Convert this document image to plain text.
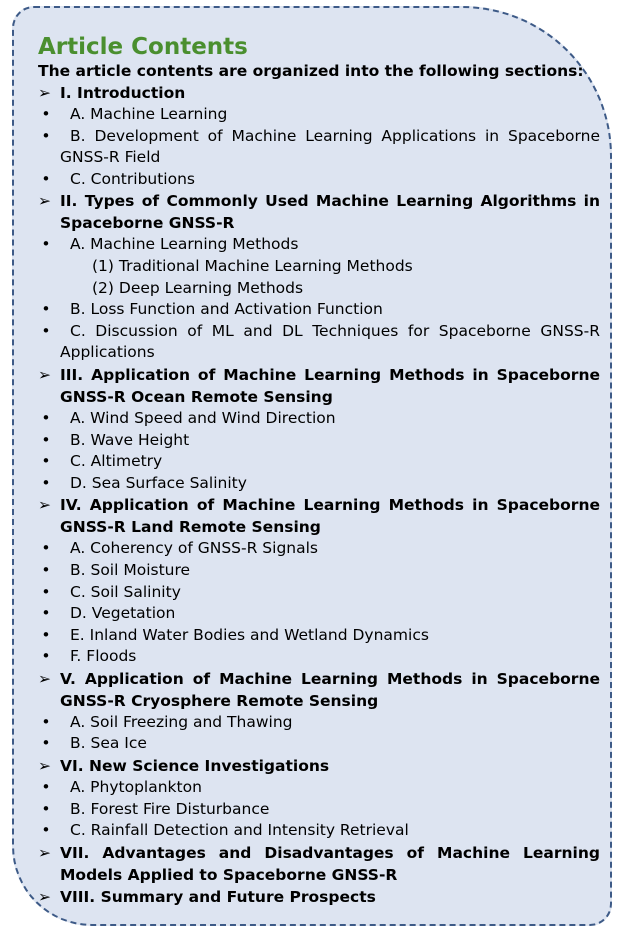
Article Contents

The article contents are organized into the following sections:

➢ I. Introduction
• A. Machine Learning
• B. Development of Machine Learning Applications in Spaceborne GNSS-R Field
• C. Contributions
➢ II. Types of Commonly Used Machine Learning Algorithms in Spaceborne GNSS-R
• A. Machine Learning Methods
(1) Traditional Machine Learning Methods
(2) Deep Learning Methods
• B. Loss Function and Activation Function
• C. Discussion of ML and DL Techniques for Spaceborne GNSS-R Applications
➢ III. Application of Machine Learning Methods in Spaceborne GNSS-R Ocean Remote Sensing
• A. Wind Speed and Wind Direction
• B. Wave Height
• C. Altimetry
• D. Sea Surface Salinity
➢ IV. Application of Machine Learning Methods in Spaceborne GNSS-R Land Remote Sensing
• A. Coherency of GNSS-R Signals
• B. Soil Moisture
• C. Soil Salinity
• D. Vegetation
• E. Inland Water Bodies and Wetland Dynamics
• F. Floods
➢ V. Application of Machine Learning Methods in Spaceborne GNSS-R Cryosphere Remote Sensing
• A. Soil Freezing and Thawing
• B. Sea Ice
➢ VI. New Science Investigations
• A. Phytoplankton
• B. Forest Fire Disturbance
• C. Rainfall Detection and Intensity Retrieval
➢ VII. Advantages and Disadvantages of Machine Learning Models Applied to Spaceborne GNSS-R
➢ VIII. Summary and Future Prospects
